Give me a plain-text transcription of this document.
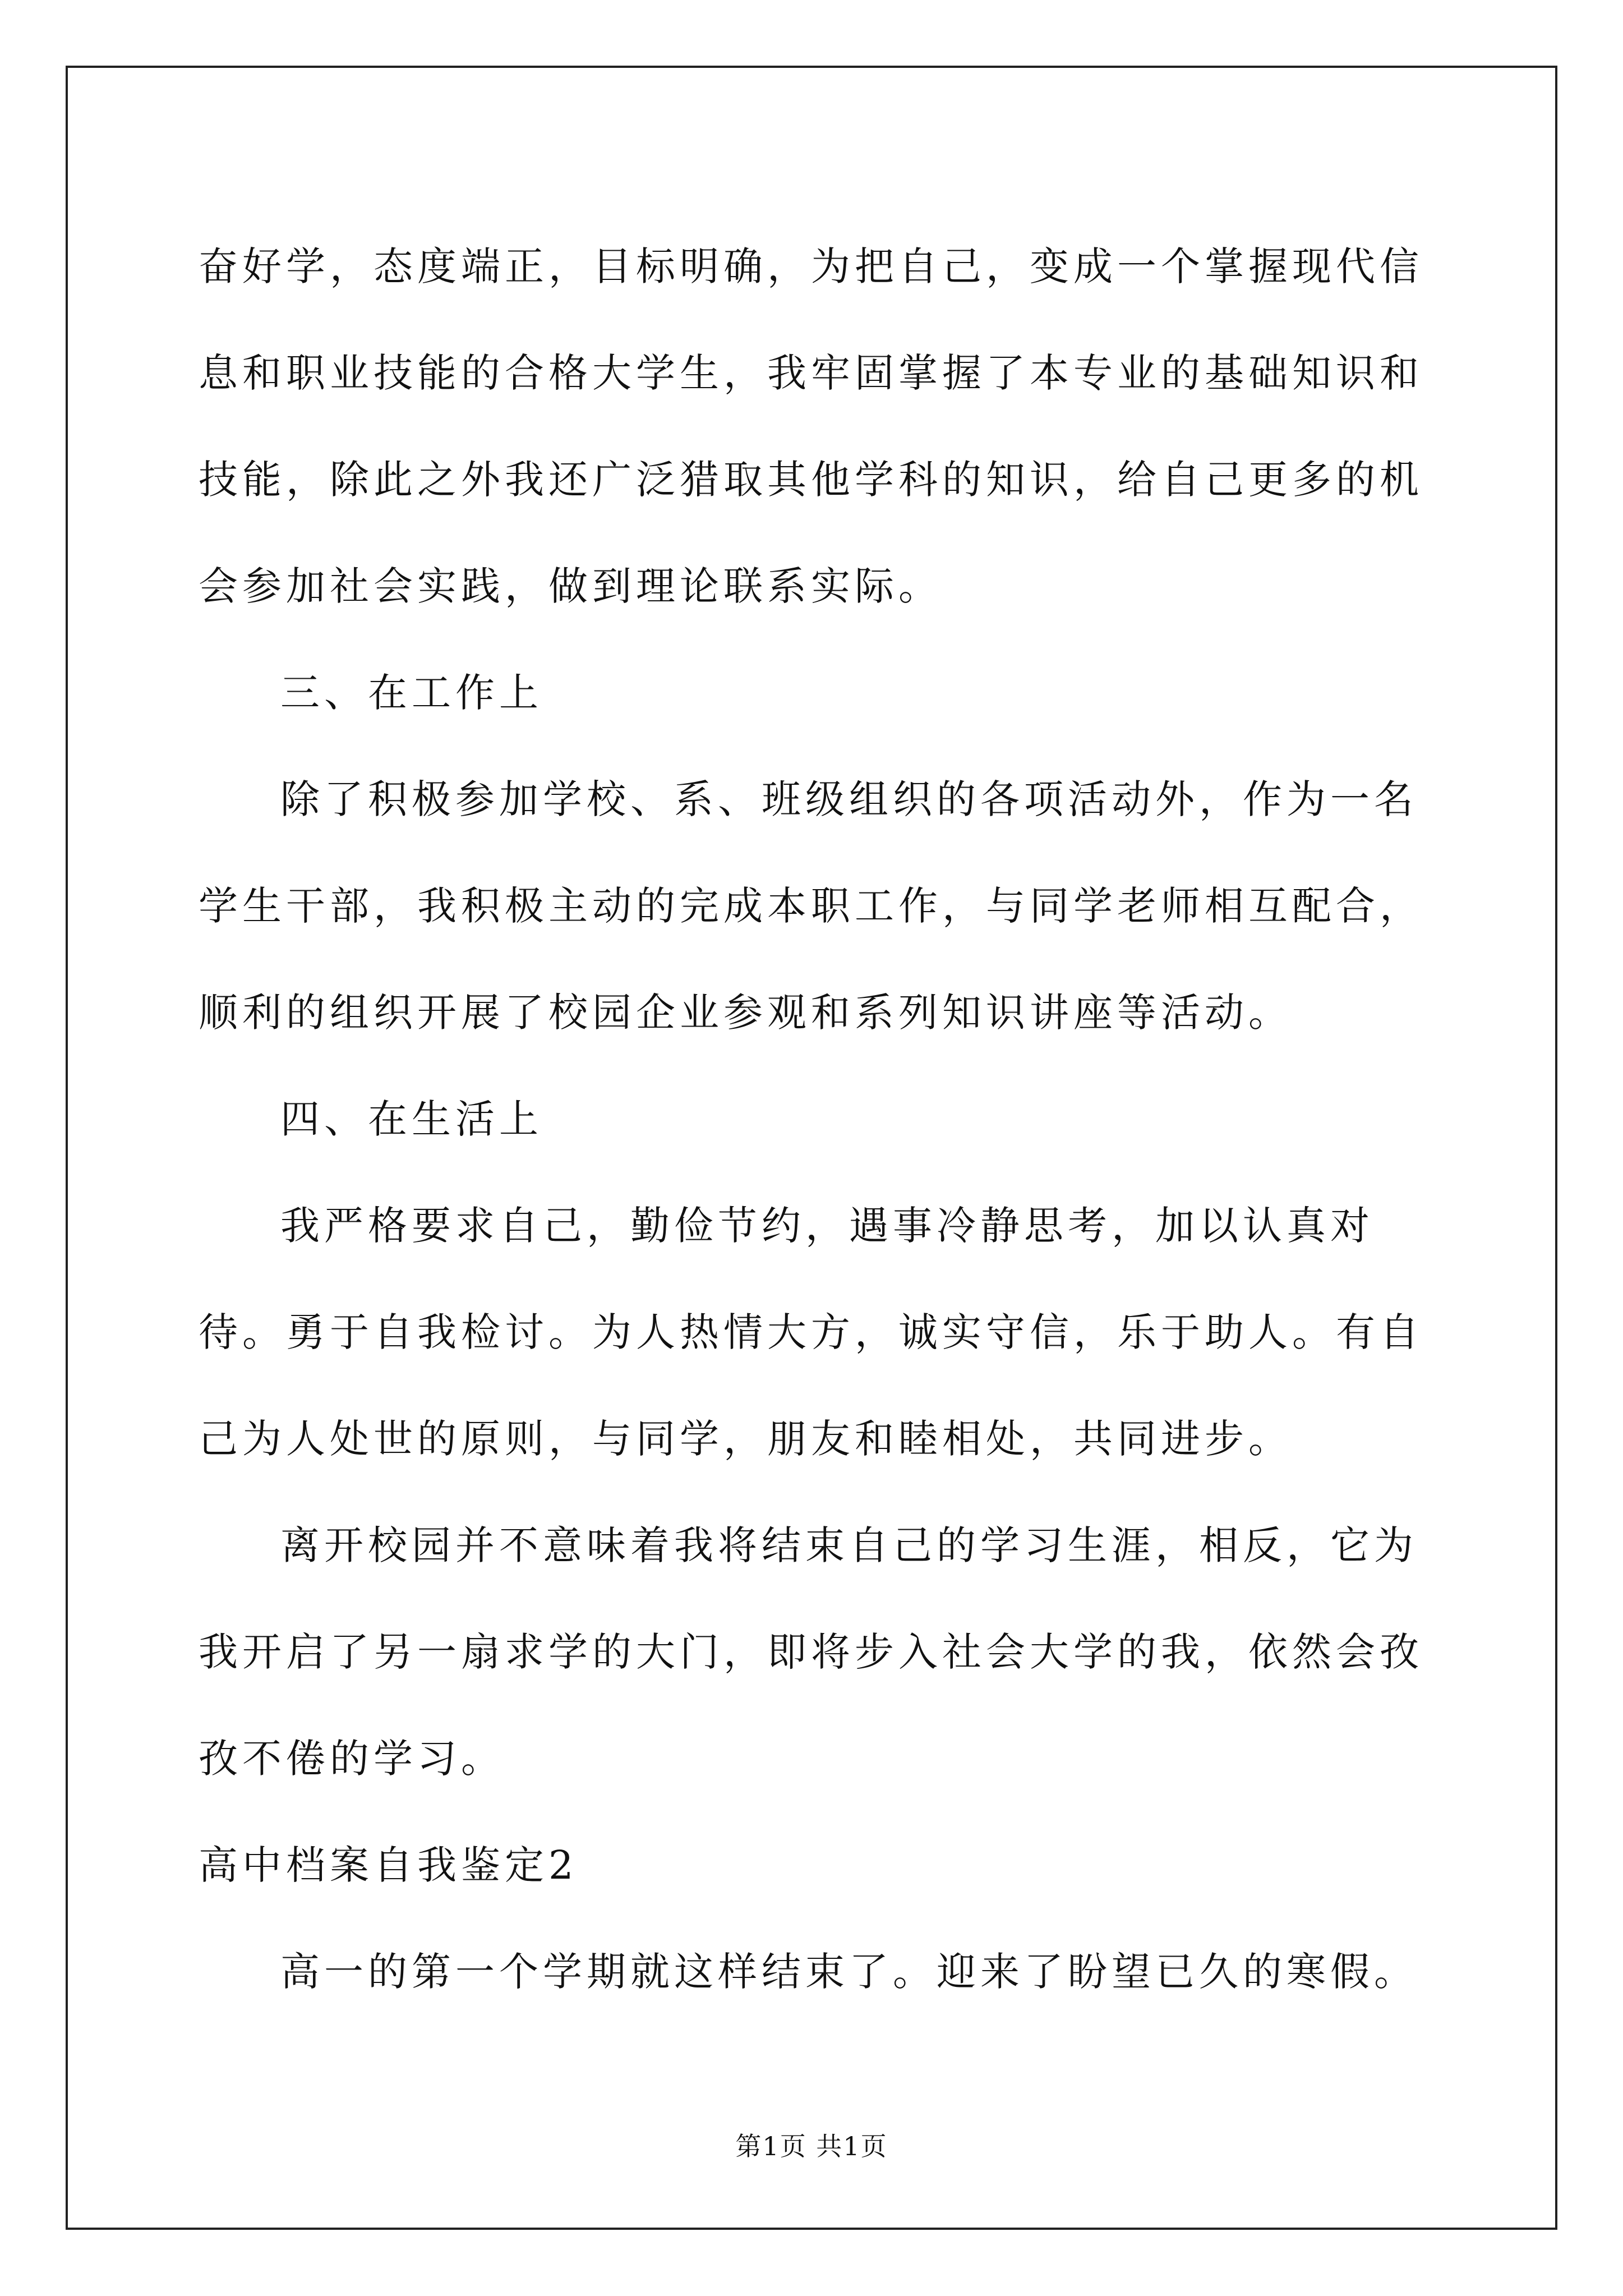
奋好学，态度端正，目标明确，为把自己，变成一个掌握现代信息和职业技能的合格大学生，我牢固掌握了本专业的基础知识和技能，除此之外我还广泛猎取其他学科的知识，给自己更多的机会参加社会实践，做到理论联系实际。

三、在工作上

除了积极参加学校、系、班级组织的各项活动外，作为一名学生干部，我积极主动的完成本职工作，与同学老师相互配合，顺利的组织开展了校园企业参观和系列知识讲座等活动。

四、在生活上

我严格要求自己，勤俭节约，遇事冷静思考，加以认真对待。勇于自我检讨。为人热情大方，诚实守信，乐于助人。有自己为人处世的原则，与同学，朋友和睦相处，共同进步。

离开校园并不意味着我将结束自己的学习生涯，相反，它为我开启了另一扇求学的大门，即将步入社会大学的我，依然会孜孜不倦的学习。

高中档案自我鉴定2

高一的第一个学期就这样结束了。迎来了盼望已久的寒假。

第1页 共1页
